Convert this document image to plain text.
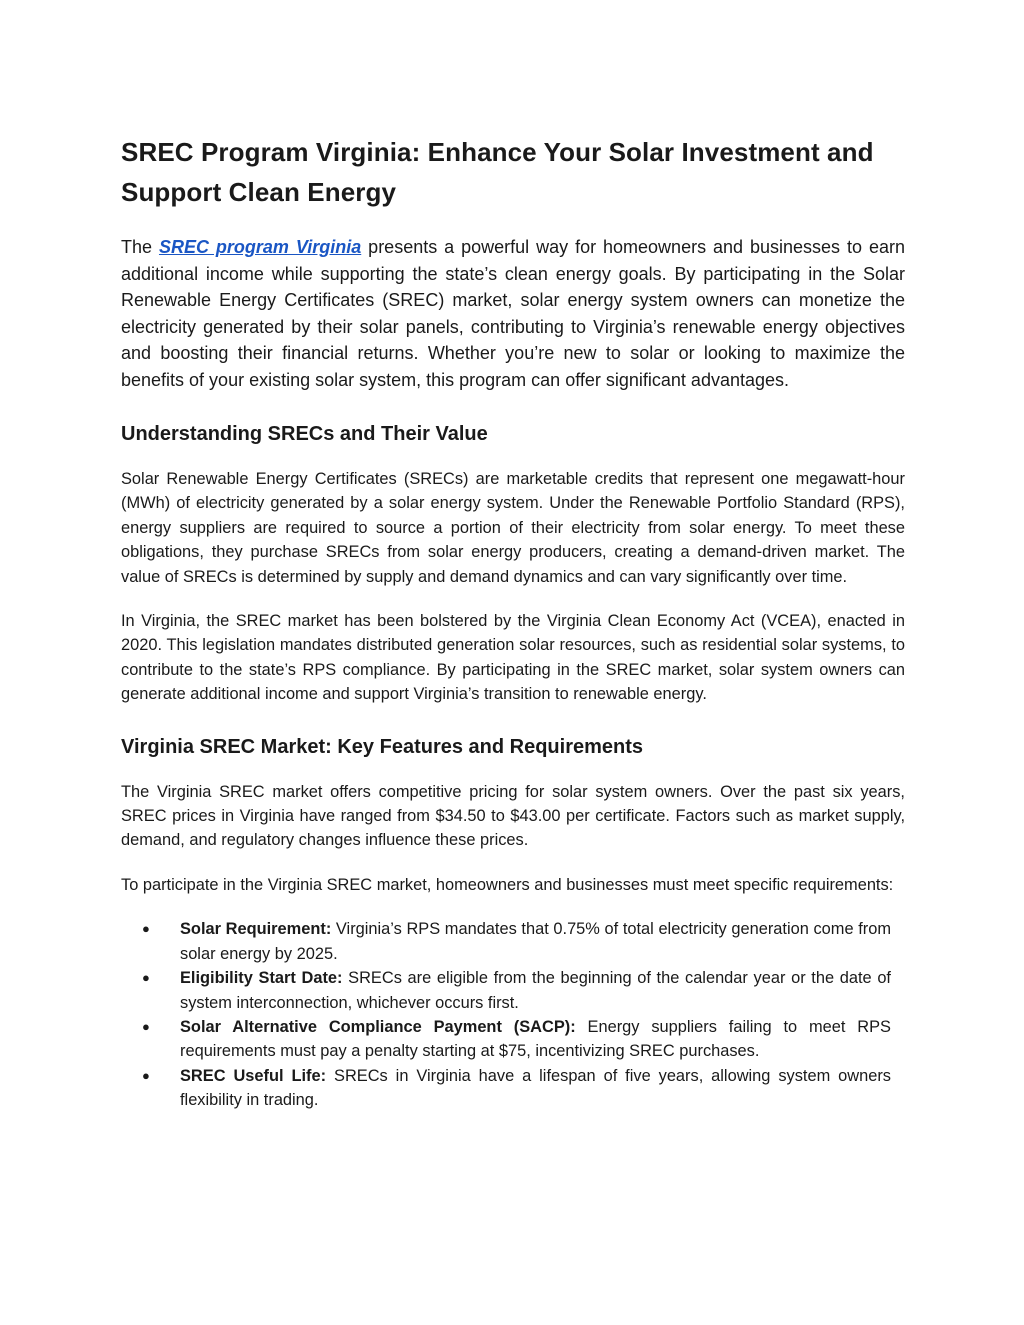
SREC Program Virginia: Enhance Your Solar Investment and Support Clean Energy

The SREC program Virginia presents a powerful way for homeowners and businesses to earn additional income while supporting the state’s clean energy goals. By participating in the Solar Renewable Energy Certificates (SREC) market, solar energy system owners can monetize the electricity generated by their solar panels, contributing to Virginia’s renewable energy objectives and boosting their financial returns. Whether you’re new to solar or looking to maximize the benefits of your existing solar system, this program can offer significant advantages.

Understanding SRECs and Their Value

Solar Renewable Energy Certificates (SRECs) are marketable credits that represent one megawatt-hour (MWh) of electricity generated by a solar energy system. Under the Renewable Portfolio Standard (RPS), energy suppliers are required to source a portion of their electricity from solar energy. To meet these obligations, they purchase SRECs from solar energy producers, creating a demand-driven market. The value of SRECs is determined by supply and demand dynamics and can vary significantly over time.

In Virginia, the SREC market has been bolstered by the Virginia Clean Economy Act (VCEA), enacted in 2020. This legislation mandates distributed generation solar resources, such as residential solar systems, to contribute to the state’s RPS compliance. By participating in the SREC market, solar system owners can generate additional income and support Virginia’s transition to renewable energy.

Virginia SREC Market: Key Features and Requirements

The Virginia SREC market offers competitive pricing for solar system owners. Over the past six years, SREC prices in Virginia have ranged from $34.50 to $43.00 per certificate. Factors such as market supply, demand, and regulatory changes influence these prices.

To participate in the Virginia SREC market, homeowners and businesses must meet specific requirements:

● Solar Requirement: Virginia’s RPS mandates that 0.75% of total electricity generation come from solar energy by 2025.
● Eligibility Start Date: SRECs are eligible from the beginning of the calendar year or the date of system interconnection, whichever occurs first.
● Solar Alternative Compliance Payment (SACP): Energy suppliers failing to meet RPS requirements must pay a penalty starting at $75, incentivizing SREC purchases.
● SREC Useful Life: SRECs in Virginia have a lifespan of five years, allowing system owners flexibility in trading.
